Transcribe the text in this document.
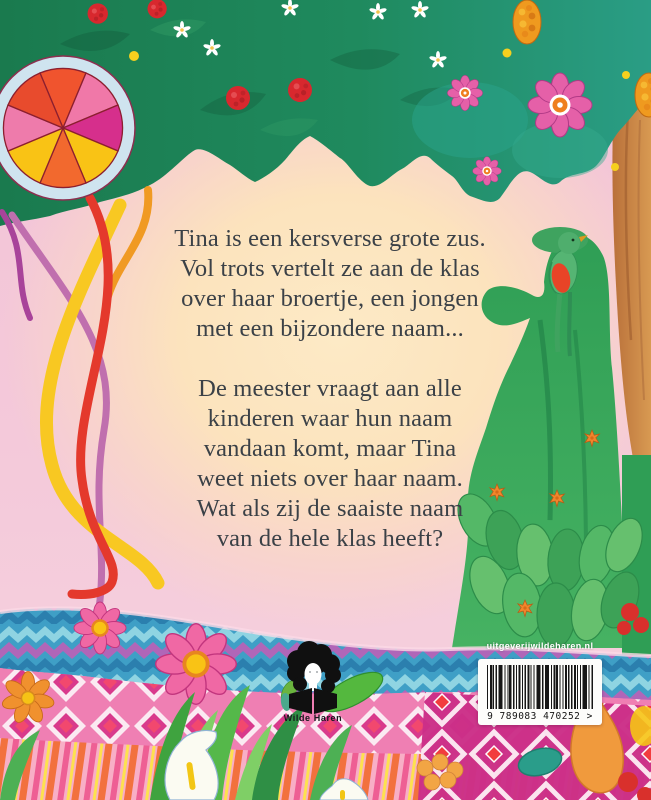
Tina is een kersverse grote zus.
Vol trots vertelt ze aan de klas
over haar broertje, een jongen
met een bijzondere naam...

De meester vraagt aan alle
kinderen waar hun naam
vandaan komt, maar Tina
weet niets over haar naam.
Wat als zij de saaiste naam
van de hele klas heeft?

uitgeverijwildeharen.nl
9 789083 470252 >
Wilde Haren
